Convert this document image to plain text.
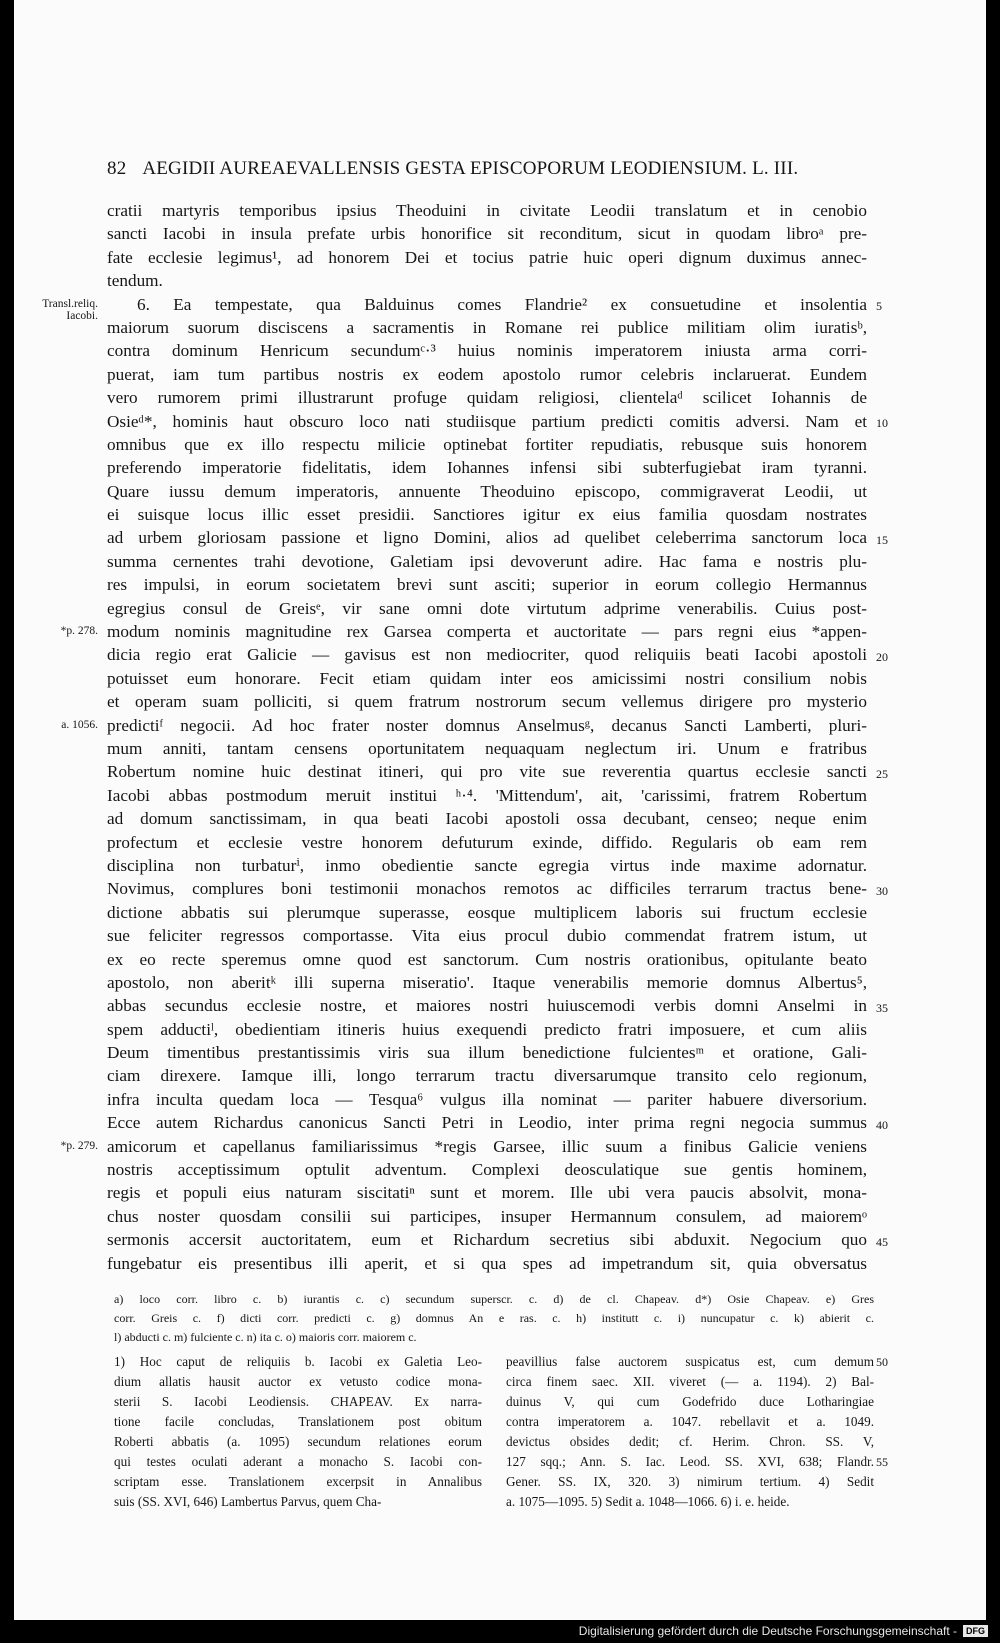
82 AEGIDII AUREAEVALLENSIS GESTA EPISCOPORUM LEODIENSIUM. L. III.
cratii martyris temporibus ipsius Theoduini in civitate Leodii translatum et in cenobio
sancti Iacobi in insula prefate urbis honorifice sit reconditum, sicut in quodam libroᵃ pre-
fate ecclesie legimus¹, ad honorem Dei et tocius patrie huic operi dignum duximus annec-
tendum.
6. Ea tempestate, qua Balduinus comes Flandrie² ex consuetudine et insolentia
maiorum suorum disciscens a sacramentis in Romane rei publice militiam olim iuratisᵇ,
contra dominum Henricum secundumᶜ·³ huius nominis imperatorem iniusta arma corri-
puerat, iam tum partibus nostris ex eodem apostolo rumor celebris inclaruerat. Eundem
vero rumorem primi illustrarunt profuge quidam religiosi, clientelaᵈ scilicet Iohannis de
Osieᵈ*, hominis haut obscuro loco nati studiisque partium predicti comitis adversi. Nam et
omnibus que ex illo respectu milicie optinebat fortiter repudiatis, rebusque suis honorem
preferendo imperatorie fidelitatis, idem Iohannes infensi sibi subterfugiebat iram tyranni.
Quare iussu demum imperatoris, annuente Theoduino episcopo, commigraverat Leodii, ut
ei suisque locus illic esset presidii. Sanctiores igitur ex eius familia quosdam nostrates
ad urbem gloriosam passione et ligno Domini, alios ad quelibet celeberrima sanctorum loca
summa cernentes trahi devotione, Galetiam ipsi devoverunt adire. Hac fama e nostris plu-
res impulsi, in eorum societatem brevi sunt asciti; superior in eorum collegio Hermannus
egregius consul de Greisᵉ, vir sane omni dote virtutum adprime venerabilis. Cuius post-
modum nominis magnitudine rex Garsea comperta et auctoritate — pars regni eius *appen-
dicia regio erat Galicie — gavisus est non mediocriter, quod reliquiis beati Iacobi apostoli
potuisset eum honorare. Fecit etiam quidam inter eos amicissimi nostri consilium nobis
et operam suam polliciti, si quem fratrum nostrorum secum vellemus dirigere pro mysterio
predictiᶠ negocii. Ad hoc frater noster domnus Anselmusᵍ, decanus Sancti Lamberti, pluri-
mum anniti, tantam censens oportunitatem nequaquam neglectum iri. Unum e fratribus
Robertum nomine huic destinat itineri, qui pro vite sue reverentia quartus ecclesie sancti
Iacobi abbas postmodum meruit institui ʰ·⁴. 'Mittendum', ait, 'carissimi, fratrem Robertum
ad domum sanctissimam, in qua beati Iacobi apostoli ossa decubant, censeo; neque enim
profectum et ecclesie vestre honorem defuturum exinde, diffido. Regularis ob eam rem
disciplina non turbaturⁱ, inmo obedientie sancte egregia virtus inde maxime adornatur.
Novimus, complures boni testimonii monachos remotos ac difficiles terrarum tractus bene-
dictione abbatis sui plerumque superasse, eosque multiplicem laboris sui fructum ecclesie
sue feliciter regressos comportasse. Vita eius procul dubio commendat fratrem istum, ut
ex eo recte speremus omne quod est sanctorum. Cum nostris orationibus, opitulante beato
apostolo, non aberitᵏ illi superna miseratio'. Itaque venerabilis memorie domnus Albertus⁵,
abbas secundus ecclesie nostre, et maiores nostri huiuscemodi verbis domni Anselmi in
spem adductiˡ, obedientiam itineris huius exequendi predicto fratri imposuere, et cum aliis
Deum timentibus prestantissimis viris sua illum benedictione fulcientesᵐ et oratione, Gali-
ciam direxere. Iamque illi, longo terrarum tractu diversarumque transito celo regionum,
infra inculta quedam loca — Tesqua⁶ vulgus illa nominat — pariter habuere diversorium.
Ecce autem Richardus canonicus Sancti Petri in Leodio, inter prima regni negocia summus
amicorum et capellanus familiarissimus *regis Garsee, illic suum a finibus Galicie veniens
nostris acceptissimum optulit adventum. Complexi deosculatique sue gentis hominem,
regis et populi eius naturam siscitatiⁿ sunt et morem. Ille ubi vera paucis absolvit, mona-
chus noster quosdam consilii sui participes, insuper Hermannum consulem, ad maioremᵒ
sermonis accersit auctoritatem, eum et Richardum secretius sibi abduxit. Negocium quo
fungebatur eis presentibus illi aperit, et si qua spes ad impetrandum sit, quia obversatus
a) loco corr. libro c. b) iurantis c. c) secundum superscr. c. d) de cl. Chapeav. d*) Osie Chapeav. e) Gres
corr. Greis c. f) dicti corr. predicti c. g) domnus An e ras. c. h) institutt c. i) nuncupatur c. k) abierit c.
l) abducti c. m) fulciente c. n) ita c. o) maioris corr. maiorem c.
1) Hoc caput de reliquiis b. Iacobi ex Galetia Leo-
dium allatis hausit auctor ex vetusto codice mona-
sterii S. Iacobi Leodiensis. CHAPEAV. Ex narra-
tione facile concludas, Translationem post obitum
Roberti abbatis (a. 1095) secundum relationes eorum
qui testes oculati aderant a monacho S. Iacobi con-
scriptam esse. Translationem excerpsit in Annalibus
suis (SS. XVI, 646) Lambertus Parvus, quem Cha-
peavillius false auctorem suspicatus est, cum demum
circa finem saec. XII. viveret (— a. 1194). 2) Bal-
duinus V, qui cum Godefrido duce Lotharingiae
contra imperatorem a. 1047. rebellavit et a. 1049.
devictus obsides dedit; cf. Herim. Chron. SS. V,
127 sqq.; Ann. S. Iac. Leod. SS. XVI, 638; Flandr.
Gener. SS. IX, 320. 3) nimirum tertium. 4) Sedit
a. 1075—1095. 5) Sedit a. 1048—1066. 6) i. e. heide.
50
55
Transl.reliq. Iacobi.
*p. 278.
a. 1056.
*p. 279.
5
10
15
20
25
30
35
40
45
Digitalisierung gefördert durch die Deutsche Forschungsgemeinschaft -	DFG
